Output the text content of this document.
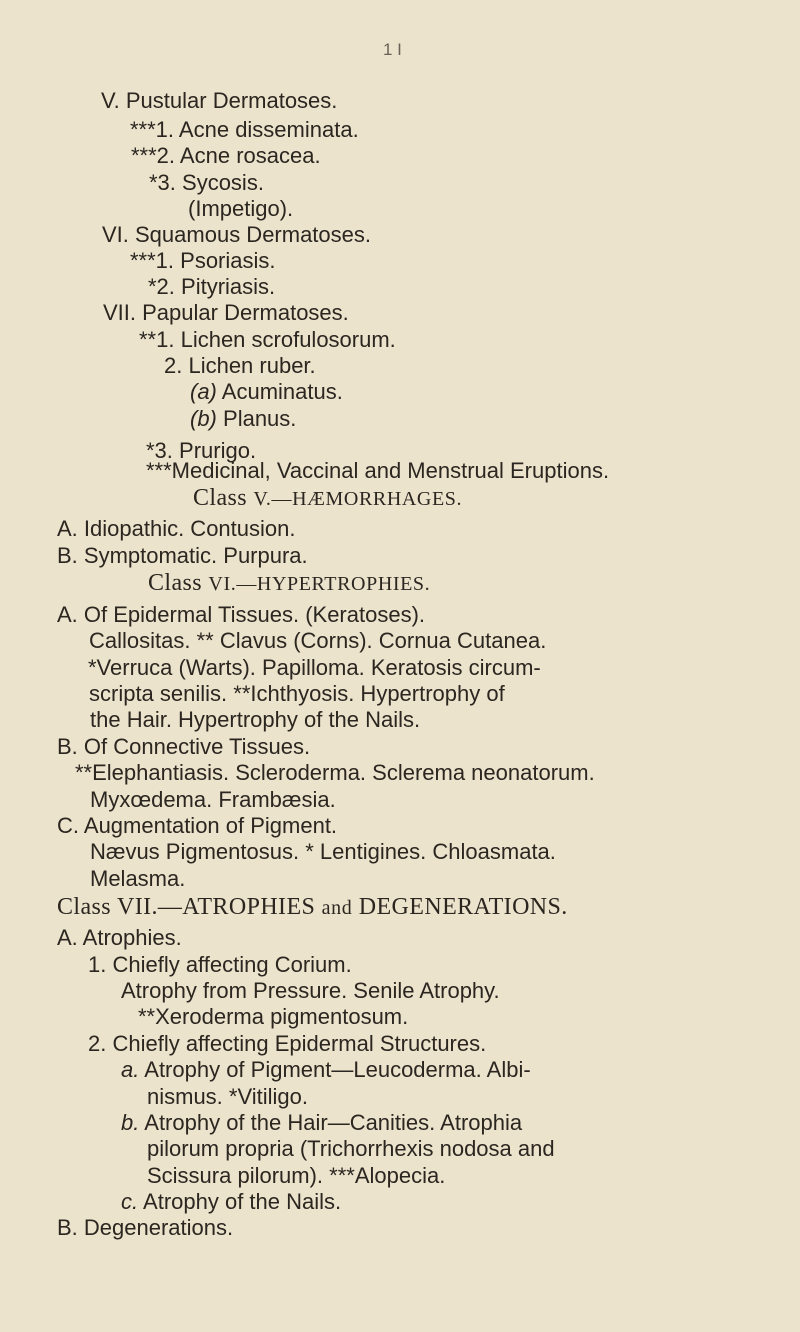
1 I
V. Pustular Dermatoses.
***1. Acne disseminata.
***2. Acne rosacea.
*3. Sycosis.
(Impetigo).
VI. Squamous Dermatoses.
***1. Psoriasis.
*2. Pityriasis.
VII. Papular Dermatoses.
**1. Lichen scrofulosorum.
2. Lichen ruber.
(a) Acuminatus.
(b) Planus.
*3. Prurigo.
***Medicinal, Vaccinal and Menstrual Eruptions.
Class V.—HÆMORRHAGES.
A. Idiopathic. Contusion.
B. Symptomatic. Purpura.
Class VI.—HYPERTROPHIES.
A. Of Epidermal Tissues. (Keratoses).
Callositas. ** Clavus (Corns). Cornua Cutanea.
*Verruca (Warts). Papilloma. Keratosis circum-
scripta senilis. **Ichthyosis. Hypertrophy of
the Hair. Hypertrophy of the Nails.
B. Of Connective Tissues.
**Elephantiasis. Scleroderma. Sclerema neonatorum.
Myxœdema. Frambæsia.
C. Augmentation of Pigment.
Nævus Pigmentosus. * Lentigines. Chloasmata.
Melasma.
Class VII.—ATROPHIES and DEGENERATIONS.
A. Atrophies.
1. Chiefly affecting Corium.
Atrophy from Pressure. Senile Atrophy.
**Xeroderma pigmentosum.
2. Chiefly affecting Epidermal Structures.
a. Atrophy of Pigment—Leucoderma. Albi-
nismus. *Vitiligo.
b. Atrophy of the Hair—Canities. Atrophia
pilorum propria (Trichorrhexis nodosa and
Scissura pilorum). ***Alopecia.
c. Atrophy of the Nails.
B. Degenerations.
